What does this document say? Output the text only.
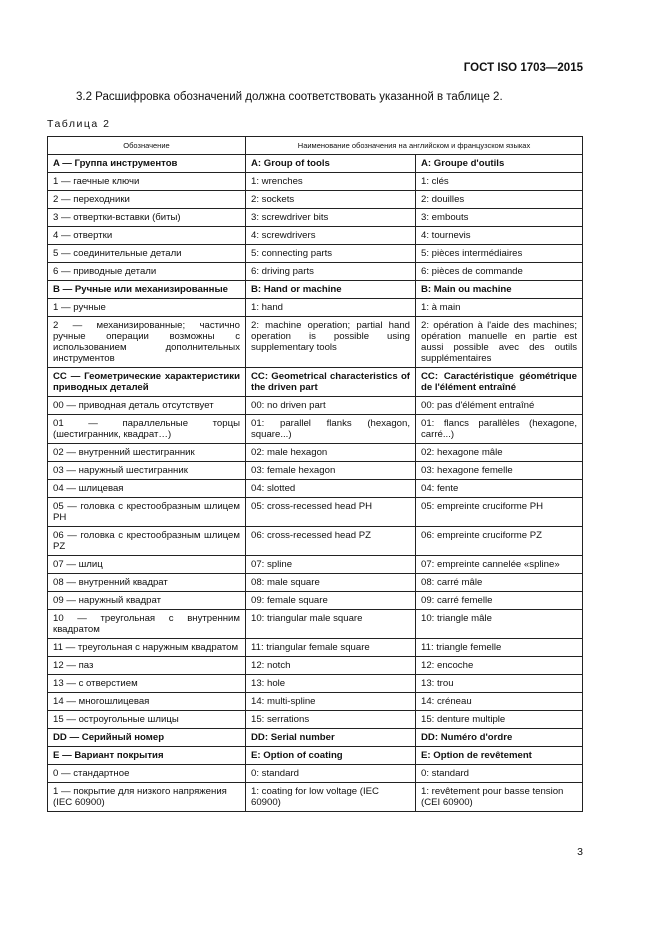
ГОСТ ISO 1703—2015
3.2 Расшифровка обозначений должна соответствовать указанной в таблице 2.
Таблица 2
Обозначение	Наименование обозначения на английском и французском языках	
A — Группа инструментов	A: Group of tools	A: Groupe d'outils
1 — гаечные ключи	1: wrenches	1: clés
2 — переходники	2: sockets	2: douilles
3 — отвертки-вставки (биты)	3: screwdriver bits	3: embouts
4 — отвертки	4: screwdrivers	4: tournevis
5 — соединительные детали	5: connecting parts	5: pièces intermédiaires
6 — приводные детали	6: driving parts	6: pièces de commande
B — Ручные или механизированные	B: Hand or machine	B: Main ou machine
1 — ручные	1: hand	1: à main
2 — механизированные; частично ручные операции возможны с использованием дополнительных инструментов	2: machine operation; partial hand operation is possible using supplementary tools	2: opération à l'aide des machines; opération manuelle en partie est aussi possible avec des outils supplémentaires
CC — Геометрические характеристики приводных деталей	CC: Geometrical characteristics of the driven part	CC: Caractéristique géométrique de l'élément entraîné
00 — приводная деталь отсутствует	00: no driven part	00: pas d'élément entraîné
01 — параллельные торцы (шестигранник, квадрат…)	01: parallel flanks (hexagon, square...)	01: flancs parallèles (hexagone, carré...)
02 — внутренний шестигранник	02: male hexagon	02: hexagone mâle
03 — наружный шестигранник	03: female hexagon	03: hexagone femelle
04 — шлицевая	04: slotted	04: fente
05 — головка с крестообразным шлицем PH	05: cross-recessed head PH	05: empreinte cruciforme PH
06 — головка с крестообразным шлицем PZ	06: cross-recessed head PZ	06: empreinte cruciforme PZ
07 — шлиц	07: spline	07: empreinte cannelée «spline»
08 — внутренний квадрат	08: male square	08: carré mâle
09 — наружный квадрат	09: female square	09: carré femelle
10 — треугольная с внутренним квадратом	10: triangular male square	10: triangle mâle
11 — треугольная с наружным квадратом	11: triangular female square	11: triangle femelle
12 — паз	12: notch	12: encoche
13 — с отверстием	13: hole	13: trou
14 — многошлицевая	14: multi-spline	14: créneau
15 — остроугольные шлицы	15: serrations	15: denture multiple
DD — Серийный номер	DD: Serial number	DD: Numéro d'ordre
E — Вариант покрытия	E: Option of coating	E: Option de revêtement
0 — стандартное	0: standard	0: standard
1 — покрытие для низкого напряжения (IEC 60900)	1: coating for low voltage (IEC 60900)	1: revêtement pour basse tension (CEI 60900)
3
